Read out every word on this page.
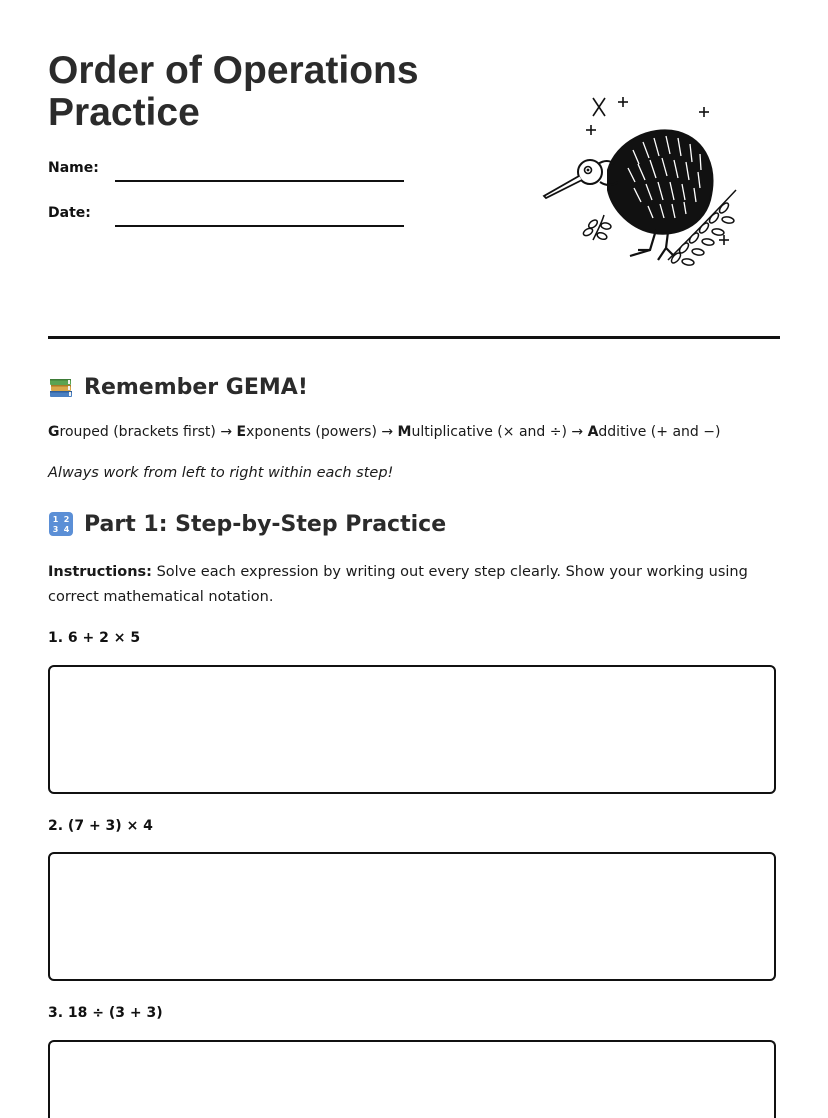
Order of Operations
Practice
Name:
Date:
Remember GEMA!
Grouped (brackets first) → Exponents (powers) → Multiplicative (× and ÷) → Additive (+ and −)
Always work from left to right within each step!
1 2
3 4 Part 1: Step-by-Step Practice
Instructions: Solve each expression by writing out every step clearly. Show your working using correct mathematical notation.
1. 6 + 2 × 5
2. (7 + 3) × 4
3. 18 ÷ (3 + 3)
